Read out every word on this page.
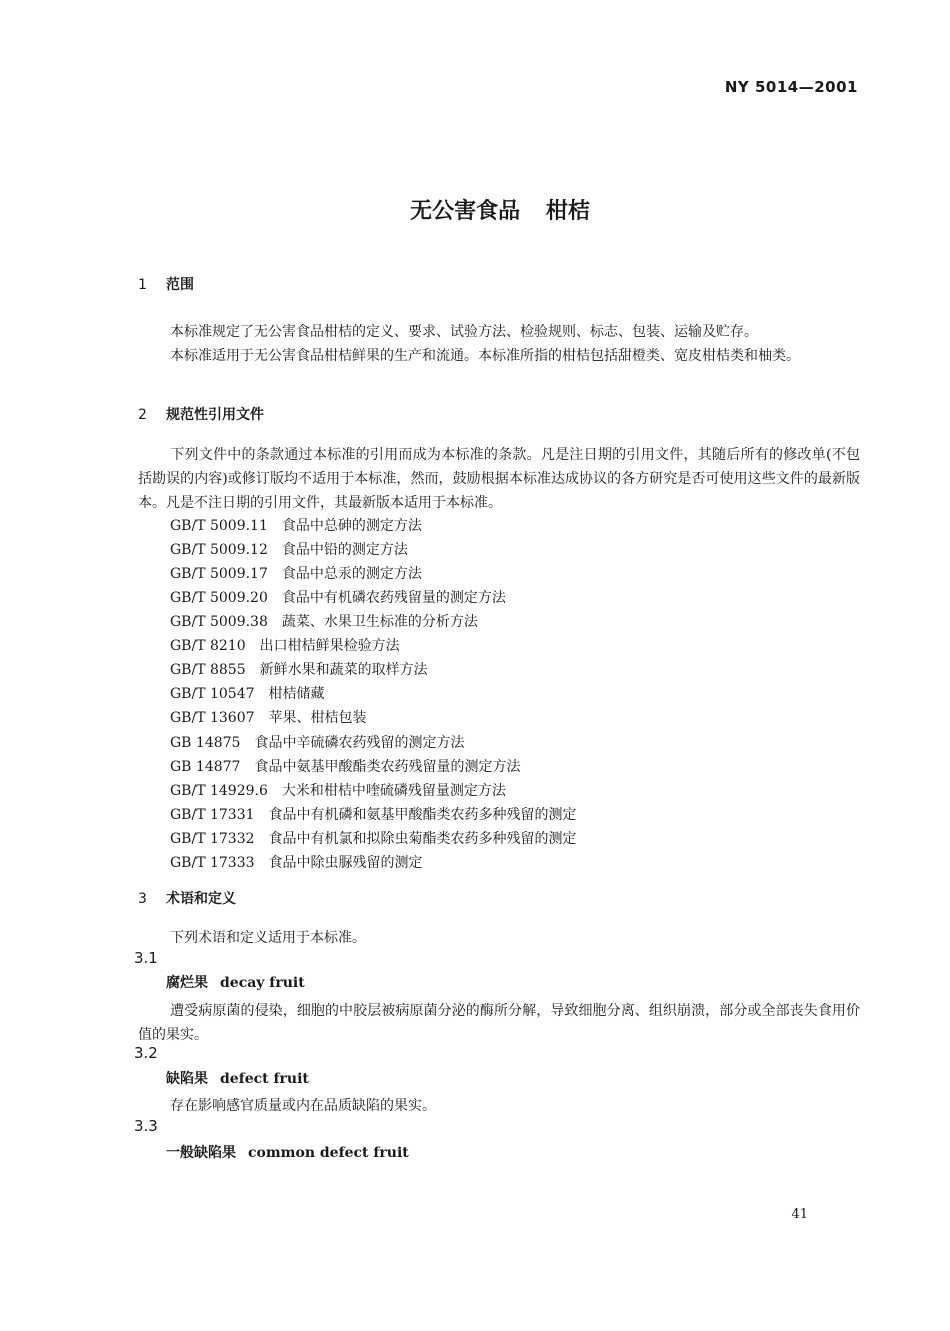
NY 5014—2001
无公害食品 柑桔
1 范围
本标准规定了无公害食品柑桔的定义、要求、试验方法、检验规则、标志、包装、运输及贮存。
本标准适用于无公害食品柑桔鲜果的生产和流通。本标准所指的柑桔包括甜橙类、宽皮柑桔类和柚类。
2 规范性引用文件
下列文件中的条款通过本标准的引用而成为本标准的条款。凡是注日期的引用文件，其随后所有的修改单(不包括勘误的内容)或修订版均不适用于本标准，然而，鼓励根据本标准达成协议的各方研究是否可使用这些文件的最新版本。凡是不注日期的引用文件，其最新版本适用于本标准。
GB/T 5009.11 食品中总砷的测定方法
GB/T 5009.12 食品中铅的测定方法
GB/T 5009.17 食品中总汞的测定方法
GB/T 5009.20 食品中有机磷农药残留量的测定方法
GB/T 5009.38 蔬菜、水果卫生标准的分析方法
GB/T 8210 出口柑桔鲜果检验方法
GB/T 8855 新鲜水果和蔬菜的取样方法
GB/T 10547 柑桔储藏
GB/T 13607 苹果、柑桔包装
GB 14875 食品中辛硫磷农药残留的测定方法
GB 14877 食品中氨基甲酸酯类农药残留量的测定方法
GB/T 14929.6 大米和柑桔中喹硫磷残留量测定方法
GB/T 17331 食品中有机磷和氨基甲酸酯类农药多种残留的测定
GB/T 17332 食品中有机氯和拟除虫菊酯类农药多种残留的测定
GB/T 17333 食品中除虫脲残留的测定
3 术语和定义
下列术语和定义适用于本标准。
3.1
腐烂果 decay fruit
遭受病原菌的侵染，细胞的中胶层被病原菌分泌的酶所分解，导致细胞分离、组织崩溃，部分或全部丧失食用价值的果实。
3.2
缺陷果 defect fruit
存在影响感官质量或内在品质缺陷的果实。
3.3
一般缺陷果 common defect fruit
41
